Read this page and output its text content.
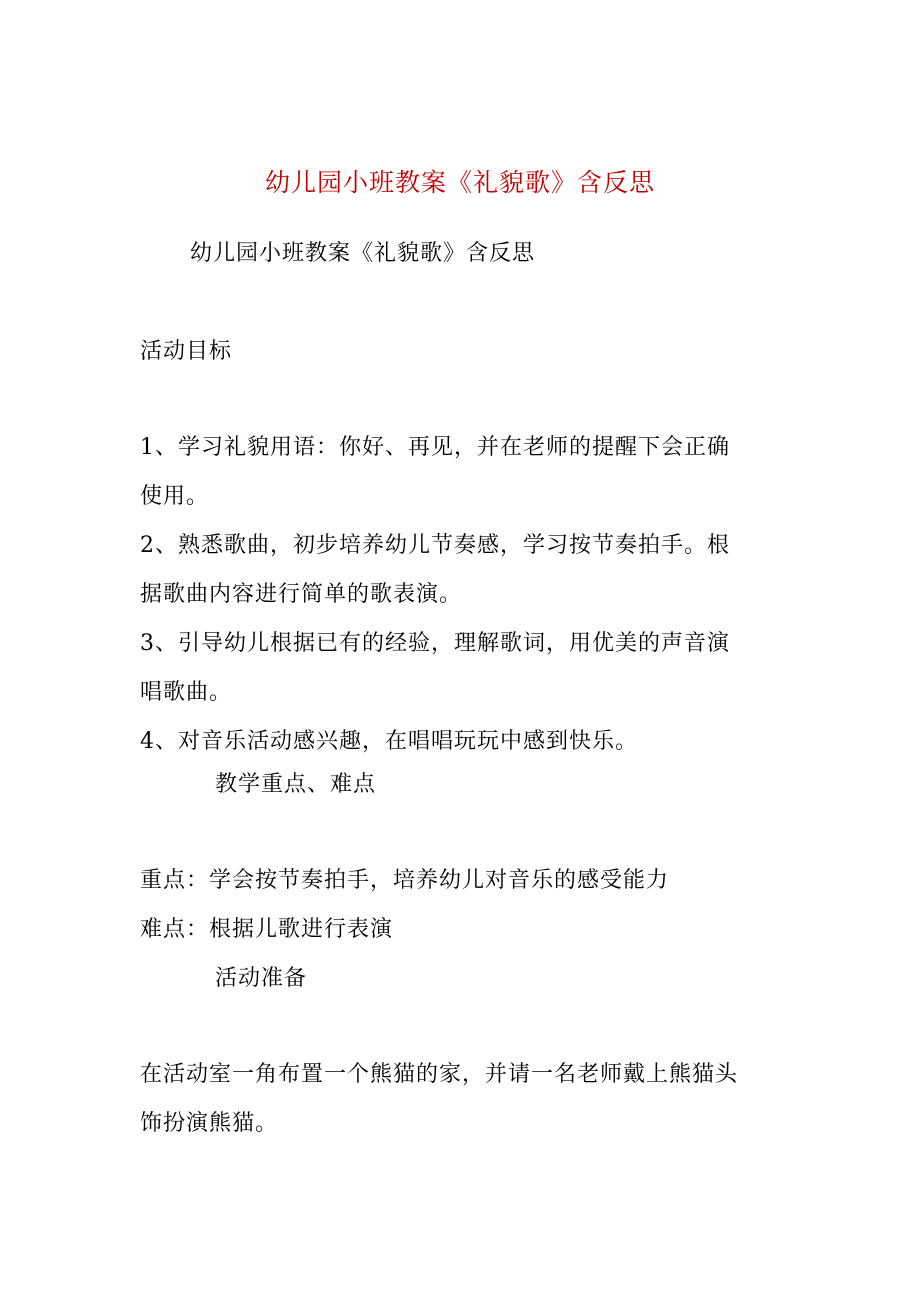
幼儿园小班教案《礼貌歌》含反思
幼儿园小班教案《礼貌歌》含反思
活动目标
1、学习礼貌用语：你好、再见，并在老师的提醒下会正确
使用。
2、熟悉歌曲，初步培养幼儿节奏感，学习按节奏拍手。根
据歌曲内容进行简单的歌表演。
3、引导幼儿根据已有的经验，理解歌词，用优美的声音演
唱歌曲。
4、对音乐活动感兴趣，在唱唱玩玩中感到快乐。
教学重点、难点
重点：学会按节奏拍手，培养幼儿对音乐的感受能力
难点：根据儿歌进行表演
活动准备
在活动室一角布置一个熊猫的家，并请一名老师戴上熊猫头
饰扮演熊猫。
